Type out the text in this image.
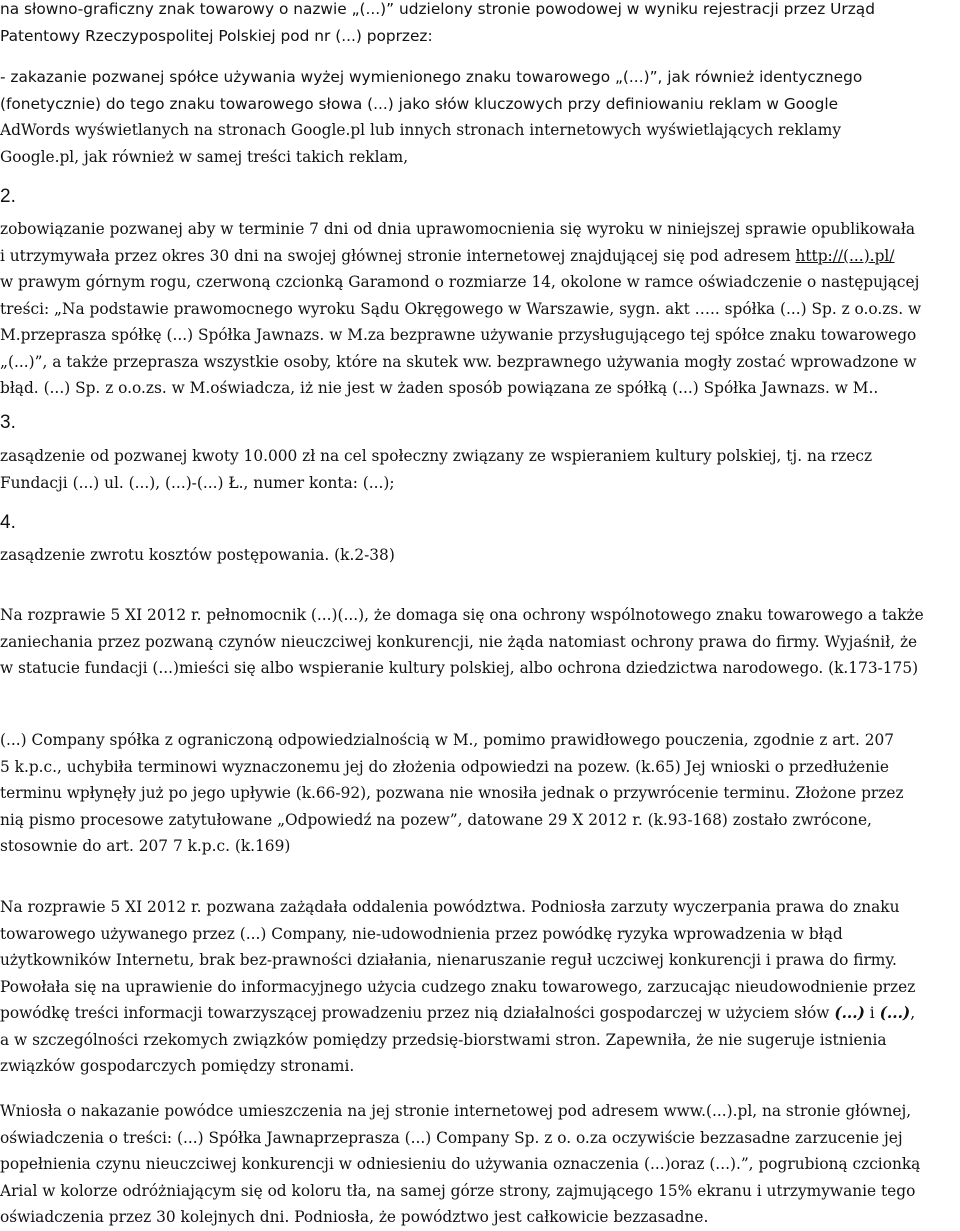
na słowno-graficzny znak towarowy o nazwie „(...)” udzielony stronie powodowej w wyniku rejestracji przez Urząd
Patentowy Rzeczypospolitej Polskiej pod nr (...) poprzez:
- zakazanie pozwanej spółce używania wyżej wymienionego znaku towarowego „(...)”, jak również identycznego
(fonetycznie) do tego znaku towarowego słowa (...) jako słów kluczowych przy definiowaniu reklam w Google
AdWords wyświetlanych na stronach Google.pl lub innych stronach internetowych wyświetlających reklamy
Google.pl, jak również w samej treści takich reklam,
2.
zobowiązanie pozwanej aby w terminie 7 dni od dnia uprawomocnienia się wyroku w niniejszej sprawie opublikowała
i utrzymywała przez okres 30 dni na swojej głównej stronie internetowej znajdującej się pod adresem http://(...).pl/
w prawym górnym rogu, czerwoną czcionką Garamond o rozmiarze 14, okolone w ramce oświadczenie o następującej
treści: „Na podstawie prawomocnego wyroku Sądu Okręgowego w Warszawie, sygn. akt ….. spółka (...) Sp. z o.o.zs. w
M.przeprasza spółkę (...) Spółka Jawnazs. w M.za bezprawne używanie przysługującego tej spółce znaku towarowego
„(...)”, a także przeprasza wszystkie osoby, które na skutek ww. bezprawnego używania mogły zostać wprowadzone w
błąd. (...) Sp. z o.o.zs. w M.oświadcza, iż nie jest w żaden sposób powiązana ze spółką (...) Spółka Jawnazs. w M..
3.
zasądzenie od pozwanej kwoty 10.000 zł na cel społeczny związany ze wspieraniem kultury polskiej, tj. na rzecz
Fundacji (...) ul. (...), (...)-(...) Ł., numer konta: (...);
4.
zasądzenie zwrotu kosztów postępowania. (k.2-38)
Na rozprawie 5 XI 2012 r. pełnomocnik (...)(...), że domaga się ona ochrony wspólnotowego znaku towarowego a także
zaniechania przez pozwaną czynów nieuczciwej konkurencji, nie żąda natomiast ochrony prawa do firmy. Wyjaśnił, że
w statucie fundacji (...)mieści się albo wspieranie kultury polskiej, albo ochrona dziedzictwa narodowego. (k.173-175)
(...) Company spółka z ograniczoną odpowiedzialnością w M., pomimo prawidłowego pouczenia, zgodnie z art. 207
5 k.p.c., uchybiła terminowi wyznaczonemu jej do złożenia odpowiedzi na pozew. (k.65) Jej wnioski o przedłużenie
terminu wpłynęły już po jego upływie (k.66-92), pozwana nie wnosiła jednak o przywrócenie terminu. Złożone przez
nią pismo procesowe zatytułowane „Odpowiedź na pozew”, datowane 29 X 2012 r. (k.93-168) zostało zwrócone,
stosownie do art. 207 7 k.p.c. (k.169)
Na rozprawie 5 XI 2012 r. pozwana zażądała oddalenia powództwa. Podniosła zarzuty wyczerpania prawa do znaku
towarowego używanego przez (...) Company, nie-udowodnienia przez powódkę ryzyka wprowadzenia w błąd
użytkowników Internetu, brak bez-prawności działania, nienaruszanie reguł uczciwej konkurencji i prawa do firmy.
Powołała się na uprawienie do informacyjnego użycia cudzego znaku towarowego, zarzucając nieudowodnienie przez
powódkę treści informacji towarzyszącej prowadzeniu przez nią działalności gospodarczej w użyciem słów (...) i (...),
a w szczególności rzekomych związków pomiędzy przedsię-biorstwami stron. Zapewniła, że nie sugeruje istnienia
związków gospodarczych pomiędzy stronami.
Wniosła o nakazanie powódce umieszczenia na jej stronie internetowej pod adresem www.(...).pl, na stronie głównej,
oświadczenia o treści: (...) Spółka Jawnaprzeprasza (...) Company Sp. z o. o.za oczywiście bezzasadne zarzucenie jej
popełnienia czynu nieuczciwej konkurencji w odniesieniu do używania oznaczenia (...)oraz (...).”, pogrubioną czcionką
Arial w kolorze odróżniającym się od koloru tła, na samej górze strony, zajmującego 15% ekranu i utrzymywanie tego
oświadczenia przez 30 kolejnych dni. Podniosła, że powództwo jest całkowicie bezzasadne.
